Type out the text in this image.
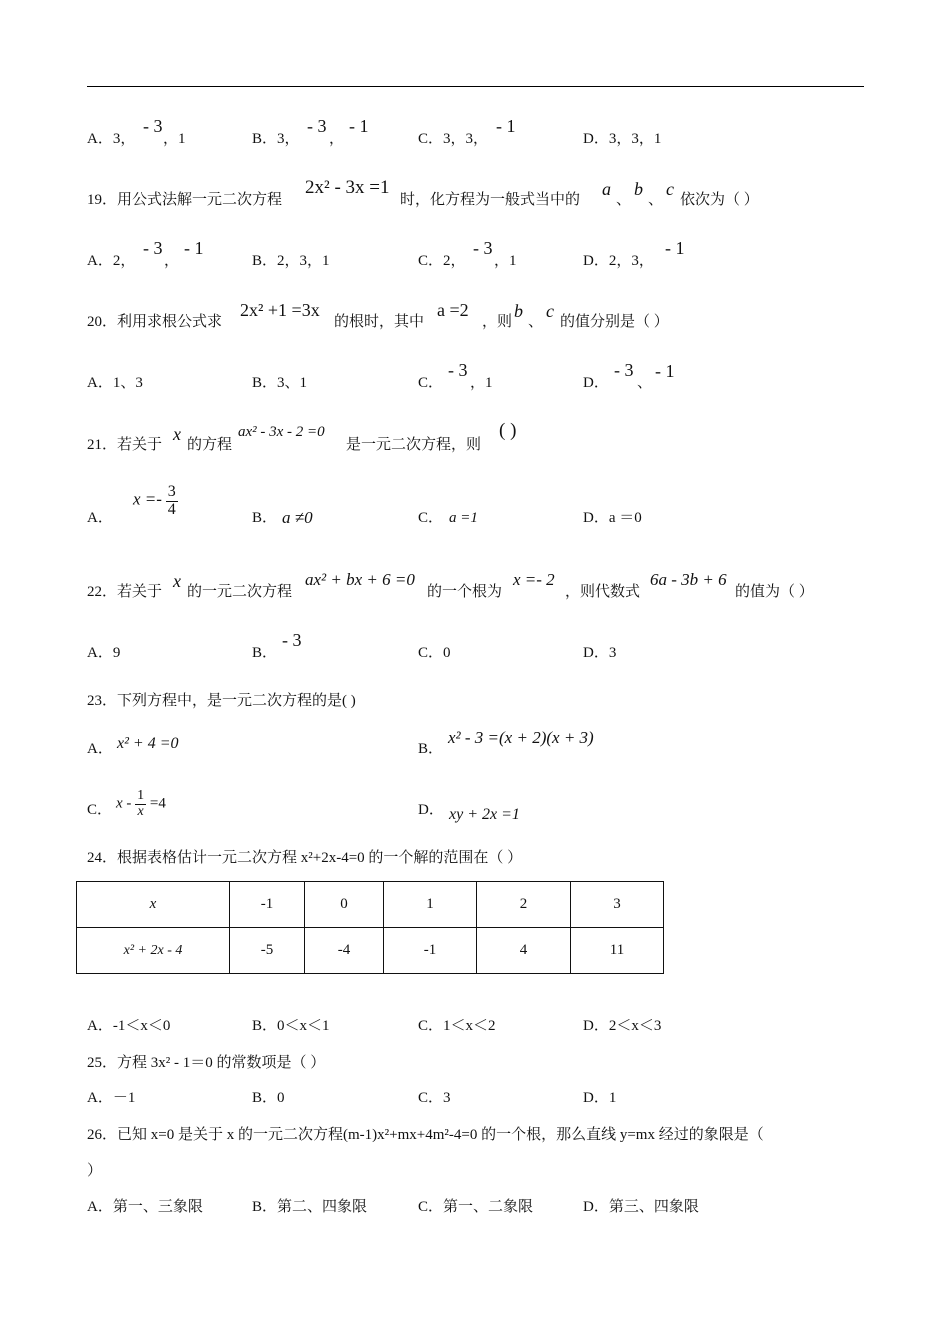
A．3，
- 3
，1	B．3，
- 3
，
- 1
C．3，3，
- 1
D．3，3，1
19．用公式法解一元二次方程
2x² - 3x =1
时，化方程为一般式当中的
a
、
b
、
c
依次为（ ）
A．2，
- 3
，
- 1
B．2，3，1	C．2，
- 3
，1	D．2，3，
- 1
20．利用求根公式求
2x² +1 =3x
的根时，其中
a =2
，则
b
、
c
的值分别是（ ）
A．1、3	B．3、1	C．
- 3
，1	D．
- 3
、
- 1
21．若关于
x
的方程
ax² - 3x - 2 =0
是一元二次方程，则
( )
A．
$x =- \frac{3}{4}$	B． a ≠0	C． a =1	D．a ＝0
22．若关于
x
的一元二次方程
ax² + bx + 6 =0
的一个根为
x =- 2
，则代数式
6a - 3b + 6
的值为（ ）
A．9	B．
- 3
C．0	D．3
23．下列方程中，是一元二次方程的是( )
A． x² + 4 =0	B．
x² - 3 =(x + 2)(x + 3)
C． $x - \frac{1}{x} =4$	D． xy + 2x =1
24．根据表格估计一元二次方程 x²+2x-4=0 的一个解的范围在（ ）
x	-1	0	1	2	3
x² + 2x - 4	-5	-4	-1	4	11
A．-1＜x＜0	B．0＜x＜1	C．1＜x＜2	D．2＜x＜3
25．方程 3x² - 1＝0 的常数项是（ ）
A．－1	B．0	C．3	D．1
26．已知 x=0 是关于 x 的一元二次方程(m-1)x²+mx+4m²-4=0 的一个根，那么直线 y=mx 经过的象限是（
）
A．第一、三象限	B．第二、四象限	C．第一、二象限	D．第三、四象限
